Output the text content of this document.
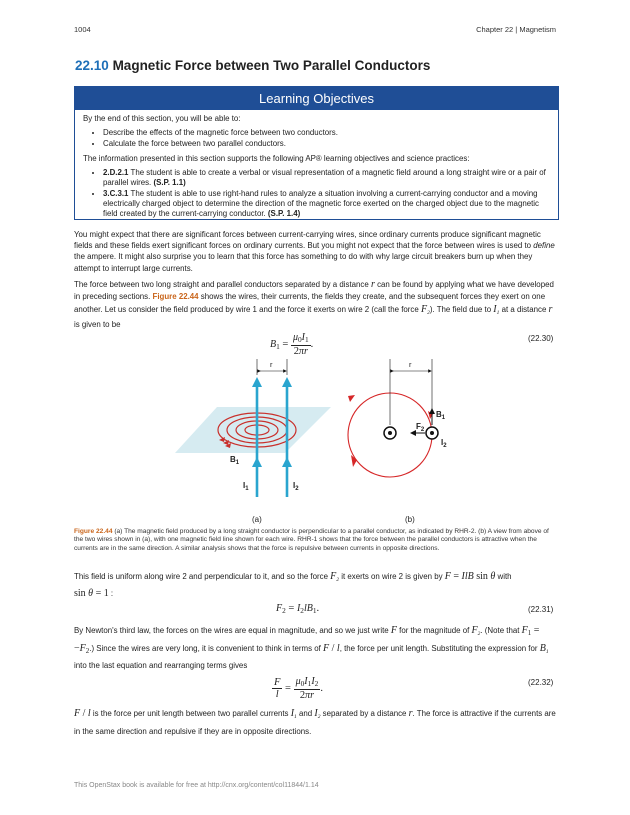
1004	Chapter 22 | Magnetism
22.10 Magnetic Force between Two Parallel Conductors
Learning Objectives

By the end of this section, you will be able to:

• Describe the effects of the magnetic force between two conductors.
• Calculate the force between two parallel conductors.

The information presented in this section supports the following AP® learning objectives and science practices:

• 2.D.2.1 The student is able to create a verbal or visual representation of a magnetic field around a long straight wire or a pair of parallel wires. (S.P. 1.1)
• 3.C.3.1 The student is able to use right-hand rules to analyze a situation involving a current-carrying conductor and a moving electrically charged object to determine the direction of the magnetic force exerted on the charged object due to the magnetic field created by the current-carrying conductor. (S.P. 1.4)

You might expect that there are significant forces between current-carrying wires, since ordinary currents produce significant magnetic fields and these fields exert significant forces on ordinary currents. But you might not expect that the force between wires is used to define the ampere. It might also surprise you to learn that this force has something to do with why large circuit breakers burn up when they attempt to interrupt large currents.

The force between two long straight and parallel conductors separated by a distance r can be found by applying what we have developed in preceding sections. Figure 22.44 shows the wires, their currents, the fields they create, and the subsequent forces they exert on one another. Let us consider the field produced by wire 1 and the force it exerts on wire 2 (call the force $F_2$). The field due to $I_1$ at a distance r is given to be

$B_1 = \frac{\mu_0I_1}{2\pi r}$ .
(22.30)
r
$B_1$
$I_1$	$I_2$
r
$B_1$
$F_2$
$I_2$
(a)	(b)
Figure 22.44 (a) The magnetic field produced by a long straight conductor is perpendicular to a parallel conductor, as indicated by RHR-2. (b) A view from above of the two wires shown in (a), with one magnetic field line shown for each wire. RHR-1 shows that the force between the parallel conductors is attractive when the currents are in the same direction. A similar analysis shows that the force is repulsive between currents in opposite directions.
This field is uniform along wire 2 and perpendicular to it, and so the force $F_2$ it exerts on wire 2 is given by F = IlB sin θ with
sin θ = 1 :
$F_2 = I_2lB_1$.	(22.31)
By Newton's third law, the forces on the wires are equal in magnitude, and so we just write F for the magnitude of $F_2$. (Note that $F_1 = -F_2$.) Since the wires are very long, it is convenient to think in terms of F / l, the force per unit length. Substituting the expression for $B_1$ into the last equation and rearranging terms gives
$\frac{F}{l} = \frac{\mu_0I_1I_2}{2\pi r}$ .
(22.32)
F / l is the force per unit length between two parallel currents $I_1$ and $I_2$ separated by a distance r. The force is attractive if the currents are in the same direction and repulsive if they are in opposite directions.
This OpenStax book is available for free at http://cnx.org/content/col11844/1.14
